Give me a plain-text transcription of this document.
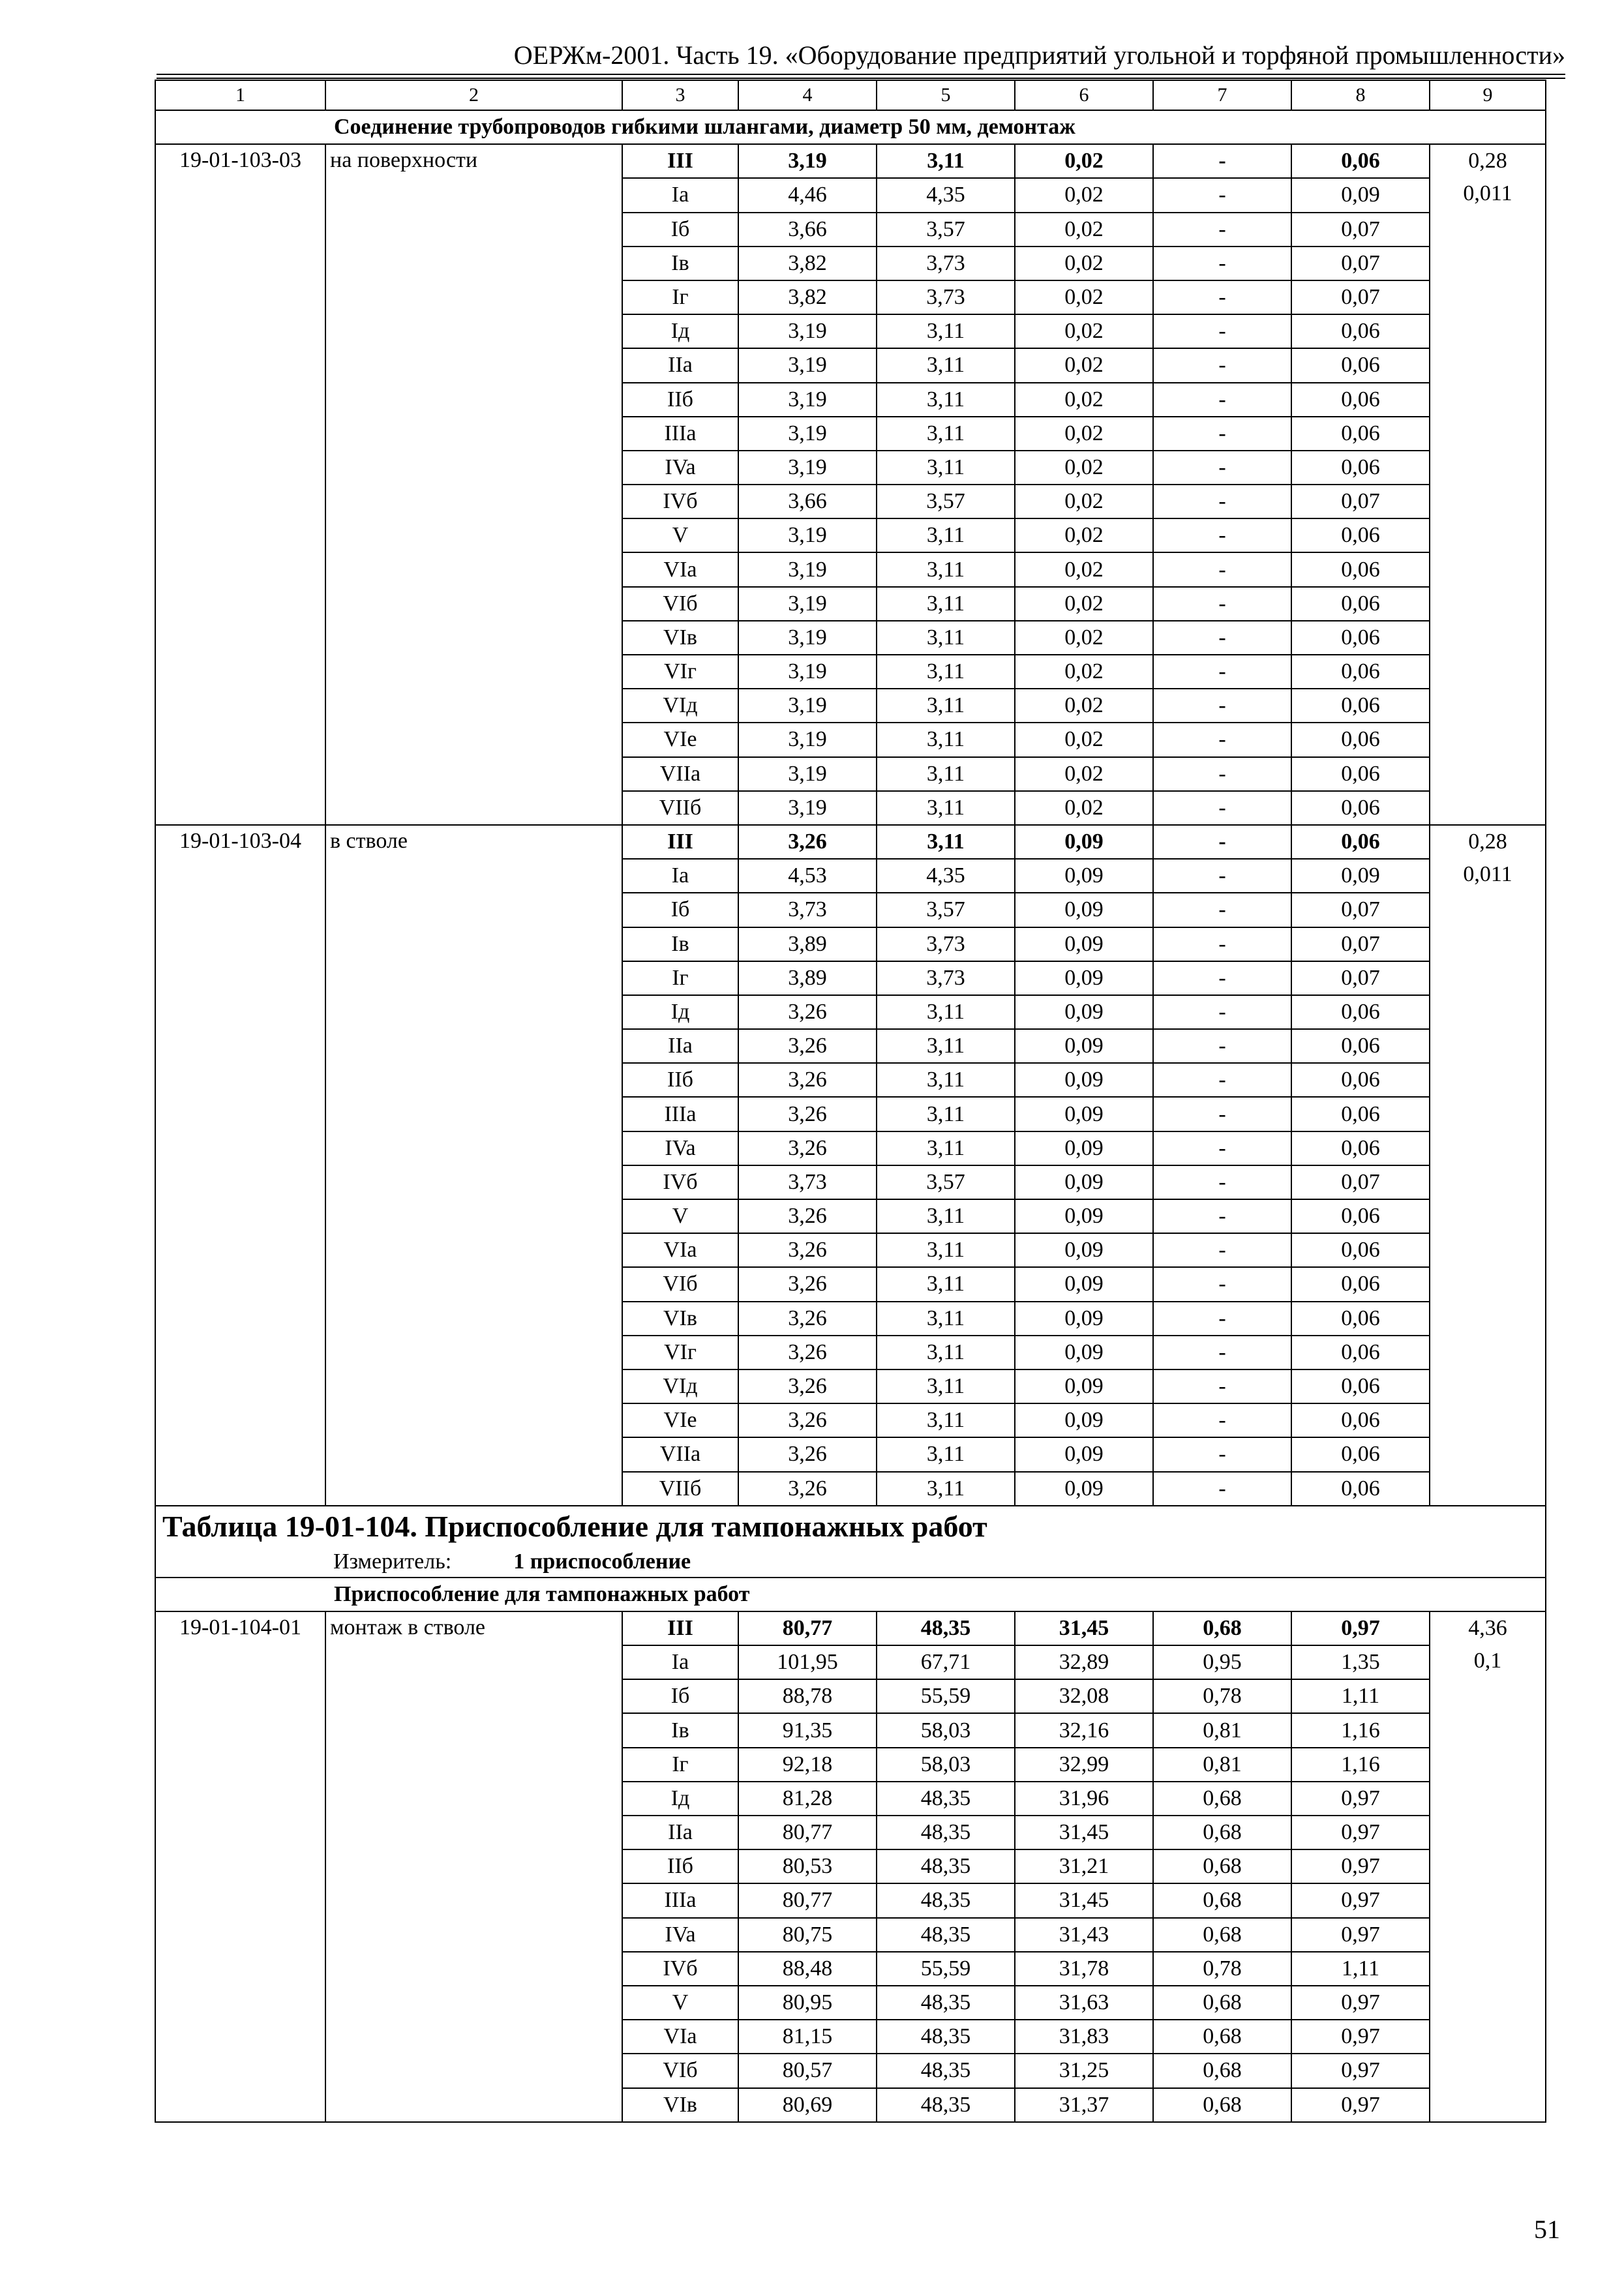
ОЕРЖм-2001. Часть 19. «Оборудование предприятий угольной и торфяной промышленности»
1	2	3	4	5	6	7	8	9
Соединение трубопроводов гибкими шлангами, диаметр 50 мм, демонтаж								
19-01-103-03	на поверхности	III	3,19	3,11	0,02	-	0,06	0,28
0,011

		Ia	4,46	4,35	0,02	-	0,09	
		Iб	3,66	3,57	0,02	-	0,07	
		Iв	3,82	3,73	0,02	-	0,07	
		Iг	3,82	3,73	0,02	-	0,07	
		Iд	3,19	3,11	0,02	-	0,06	
		IIa	3,19	3,11	0,02	-	0,06	
		IIб	3,19	3,11	0,02	-	0,06	
		IIIa	3,19	3,11	0,02	-	0,06	
		IVa	3,19	3,11	0,02	-	0,06	
		IVб	3,66	3,57	0,02	-	0,07	
		V	3,19	3,11	0,02	-	0,06	
		VIa	3,19	3,11	0,02	-	0,06	
		VIб	3,19	3,11	0,02	-	0,06	
		VIв	3,19	3,11	0,02	-	0,06	
		VIг	3,19	3,11	0,02	-	0,06	
		VIд	3,19	3,11	0,02	-	0,06	
		VIe	3,19	3,11	0,02	-	0,06	
		VIIa	3,19	3,11	0,02	-	0,06	
		VIIб	3,19	3,11	0,02	-	0,06	
19-01-103-04	в стволе	III	3,26	3,11	0,09	-	0,06	0,28
0,011

		Ia	4,53	4,35	0,09	-	0,09	
		Iб	3,73	3,57	0,09	-	0,07	
		Iв	3,89	3,73	0,09	-	0,07	
		Iг	3,89	3,73	0,09	-	0,07	
		Iд	3,26	3,11	0,09	-	0,06	
		IIa	3,26	3,11	0,09	-	0,06	
		IIб	3,26	3,11	0,09	-	0,06	
		IIIa	3,26	3,11	0,09	-	0,06	
		IVa	3,26	3,11	0,09	-	0,06	
		IVб	3,73	3,57	0,09	-	0,07	
		V	3,26	3,11	0,09	-	0,06	
		VIa	3,26	3,11	0,09	-	0,06	
		VIб	3,26	3,11	0,09	-	0,06	
		VIв	3,26	3,11	0,09	-	0,06	
		VIг	3,26	3,11	0,09	-	0,06	
		VIд	3,26	3,11	0,09	-	0,06	
		VIe	3,26	3,11	0,09	-	0,06	
		VIIa	3,26	3,11	0,09	-	0,06	
		VIIб	3,26	3,11	0,09	-	0,06	
Таблица 19-01-104. Приспособление для тампонажных работ								
Измеритель: 1 приспособление								
Приспособление для тампонажных работ								
19-01-104-01	монтаж в стволе	III	80,77	48,35	31,45	0,68	0,97	4,36
0,1

		Ia	101,95	67,71	32,89	0,95	1,35	
		Iб	88,78	55,59	32,08	0,78	1,11	
		Iв	91,35	58,03	32,16	0,81	1,16	
		Iг	92,18	58,03	32,99	0,81	1,16	
		Iд	81,28	48,35	31,96	0,68	0,97	
		IIa	80,77	48,35	31,45	0,68	0,97	
		IIб	80,53	48,35	31,21	0,68	0,97	
		IIIa	80,77	48,35	31,45	0,68	0,97	
		IVa	80,75	48,35	31,43	0,68	0,97	
		IVб	88,48	55,59	31,78	0,78	1,11	
		V	80,95	48,35	31,63	0,68	0,97	
		VIa	81,15	48,35	31,83	0,68	0,97	
		VIб	80,57	48,35	31,25	0,68	0,97	
		VIв	80,69	48,35	31,37	0,68	0,97	
51
